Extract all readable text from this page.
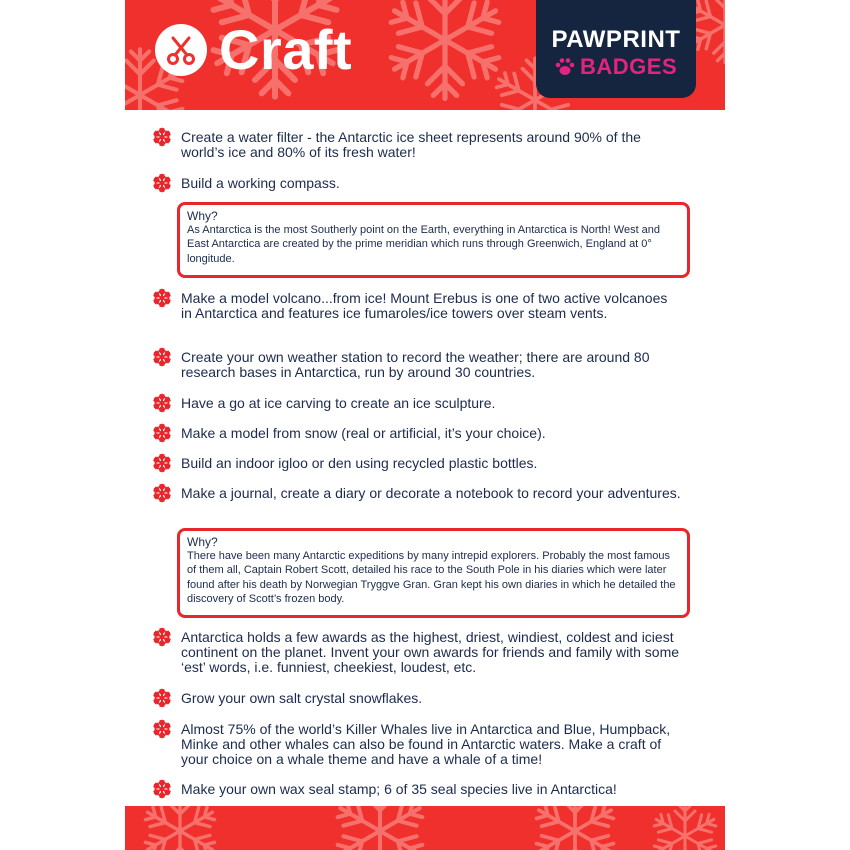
Craft	PAWPRINT
BADGES
Create a water filter - the Antarctic ice sheet represents around 90% of the world’s ice and 80% of its fresh water!
Build a working compass.
Why?
As Antarctica is the most Southerly point on the Earth, everything in Antarctica is North! West and East Antarctica are created by the prime meridian which runs through Greenwich, England at 0° longitude.
Make a model volcano...from ice! Mount Erebus is one of two active volcanoes in Antarctica and features ice fumaroles/ice towers over steam vents.
Create your own weather station to record the weather; there are around 80 research bases in Antarctica, run by around 30 countries.
Have a go at ice carving to create an ice sculpture.
Make a model from snow (real or artificial, it’s your choice).
Build an indoor igloo or den using recycled plastic bottles.
Make a journal, create a diary or decorate a notebook to record your adventures.
Why?
There have been many Antarctic expeditions by many intrepid explorers. Probably the most famous of them all, Captain Robert Scott, detailed his race to the South Pole in his diaries which were later found after his death by Norwegian Tryggve Gran. Gran kept his own diaries in which he detailed the discovery of Scott’s frozen body.
Antarctica holds a few awards as the highest, driest, windiest, coldest and iciest continent on the planet. Invent your own awards for friends and family with some ‘est’ words, i.e. funniest, cheekiest, loudest, etc.
Grow your own salt crystal snowflakes.
Almost 75% of the world’s Killer Whales live in Antarctica and Blue, Humpback, Minke and other whales can also be found in Antarctic waters. Make a craft of your choice on a whale theme and have a whale of a time!
Make your own wax seal stamp; 6 of 35 seal species live in Antarctica!
